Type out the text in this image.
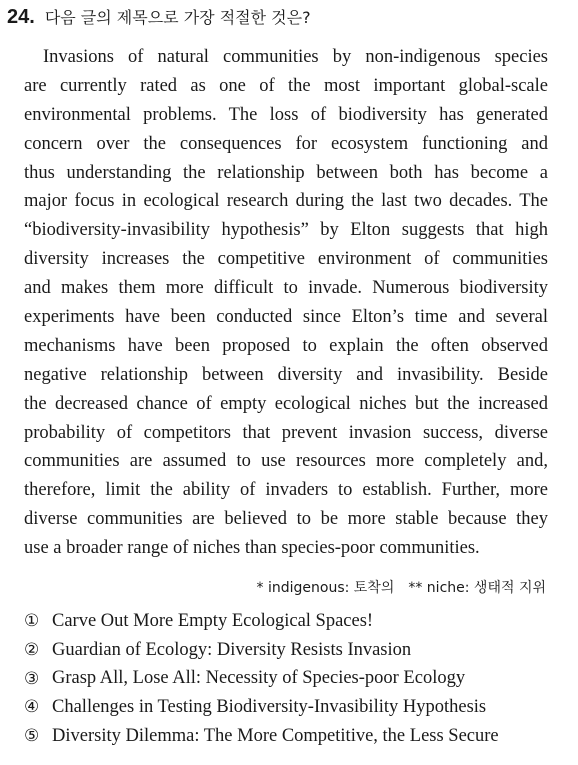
24. 다음 글의 제목으로 가장 적절한 것은?
Invasions of natural communities by non-indigenous species
are currently rated as one of the most important global-scale
environmental problems. The loss of biodiversity has generated
concern over the consequences for ecosystem functioning and
thus understanding the relationship between both has become a
major focus in ecological research during the last two decades. The
“biodiversity-invasibility hypothesis” by Elton suggests that high
diversity increases the competitive environment of communities
and makes them more difficult to invade. Numerous biodiversity
experiments have been conducted since Elton’s time and several
mechanisms have been proposed to explain the often observed
negative relationship between diversity and invasibility. Beside
the decreased chance of empty ecological niches but the increased
probability of competitors that prevent invasion success, diverse
communities are assumed to use resources more completely and,
therefore, limit the ability of invaders to establish. Further, more
diverse communities are believed to be more stable because they
use a broader range of niches than species-poor communities.
* indigenous: 토착의 ** niche: 생태적 지위
① Carve Out More Empty Ecological Spaces!
② Guardian of Ecology: Diversity Resists Invasion
③ Grasp All, Lose All: Necessity of Species-poor Ecology
④ Challenges in Testing Biodiversity-Invasibility Hypothesis
⑤ Diversity Dilemma: The More Competitive, the Less Secure
